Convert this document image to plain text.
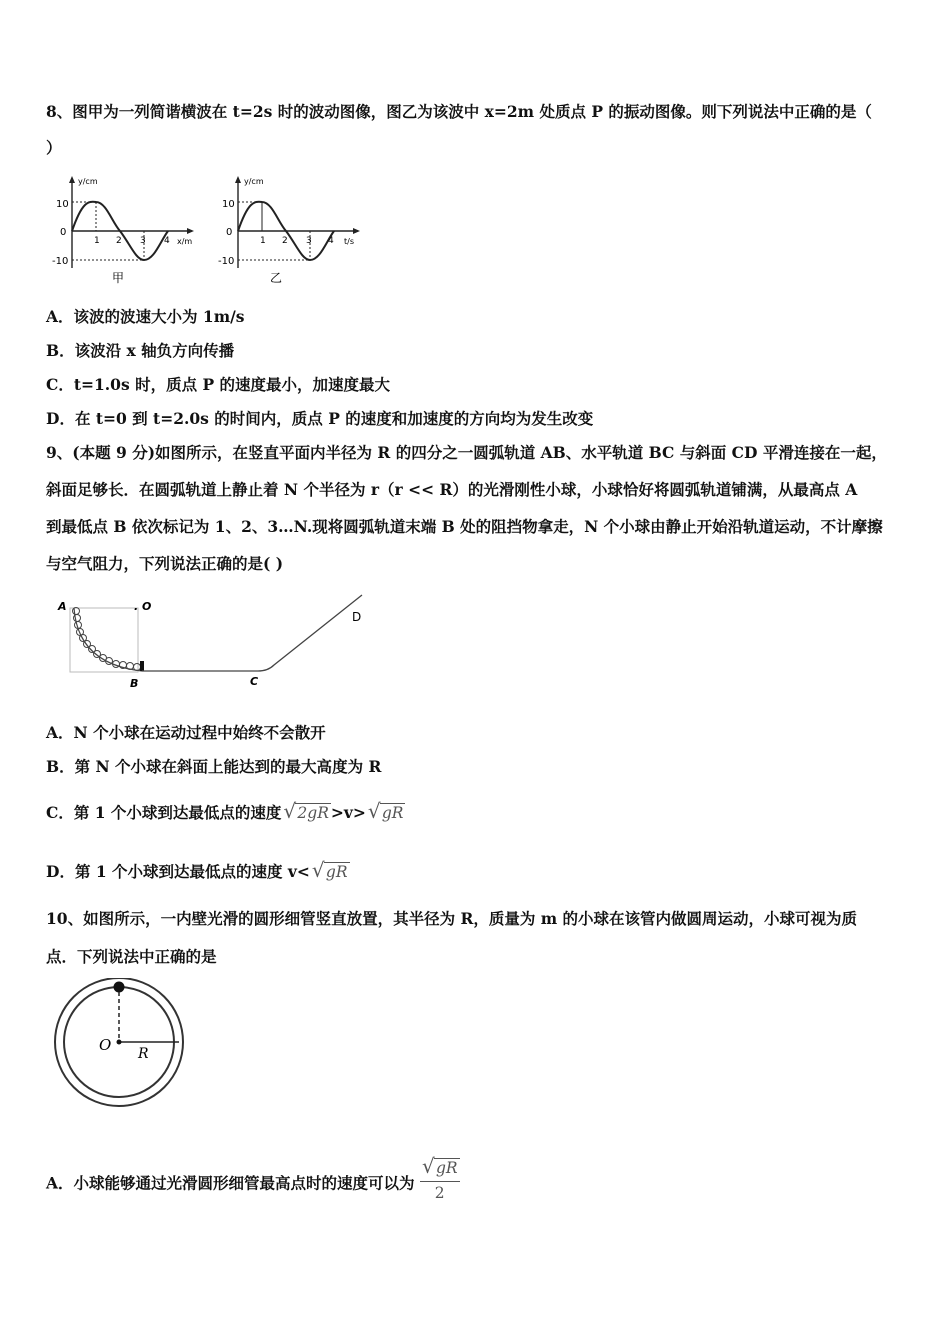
8、图甲为一列简谐横波在 t=2s 时的波动图像，图乙为该波中 x=2m 处质点 P 的振动图像。则下列说法中正确的是（
）
y/cm
x/m
10
0
-10
1 2 3 4
甲
y/cm
t/s
10
0
-10
1 2 3 4
乙
A．该波的波速大小为 1m/s
B．该波沿 x 轴负方向传播
C．t=1.0s 时，质点 P 的速度最小，加速度最大
D．在 t=0 到 t=2.0s 的时间内，质点 P 的速度和加速度的方向均为发生改变
9、(本题 9 分)如图所示，在竖直平面内半径为 R 的四分之一圆弧轨道 AB、水平轨道 BC 与斜面 CD 平滑连接在一起，
斜面足够长．在圆弧轨道上静止着 N 个半径为 r（r << R）的光滑刚性小球，小球恰好将圆弧轨道铺满，从最高点 A
到最低点 B 依次标记为 1、2、3…N.现将圆弧轨道末端 B 处的阻挡物拿走，N 个小球由静止开始沿轨道运动，不计摩擦
与空气阻力，下列说法正确的是( )
A	. O
B	C
D
A．N 个小球在运动过程中始终不会散开
B．第 N 个小球在斜面上能达到的最大高度为 R
C．第 1 个小球到达最低点的速度 √ 2gR >v> √ gR
D．第 1 个小球到达最低点的速度 v< √ gR
10、如图所示，一内壁光滑的圆形细管竖直放置，其半径为 R，质量为 m 的小球在该管内做圆周运动，小球可视为质
点．下列说法中正确的是
O R
A．小球能够通过光滑圆形细管最高点时的速度可以为 $\frac{√ gR}{2}$
